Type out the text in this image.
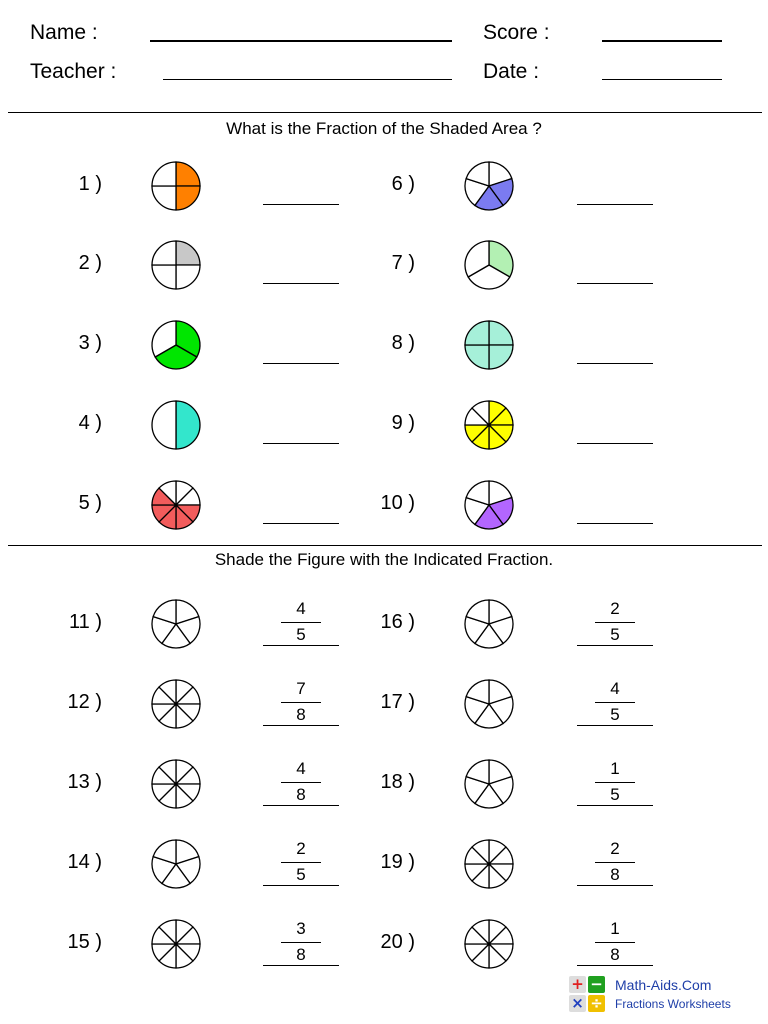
Name :
Teacher :
Score :
Date :
What is the Fraction of the Shaded Area ?
Shade the Figure with the Indicated Fraction.
+ −
× ÷
Math-Aids.Com
Fractions Worksheets
1 )
2 )
3 )
4 )
5 )
6 )
7 )
8 )
9 )
10 )
11 )	$\frac{4}{5}$
12 )	$\frac{7}{8}$
13 )	$\frac{4}{8}$
14 )	$\frac{2}{5}$
15 )	$\frac{3}{8}$
16 )	$\frac{2}{5}$
17 )	$\frac{4}{5}$
18 )	$\frac{1}{5}$
19 )	$\frac{2}{8}$
20 )	$\frac{1}{8}$
